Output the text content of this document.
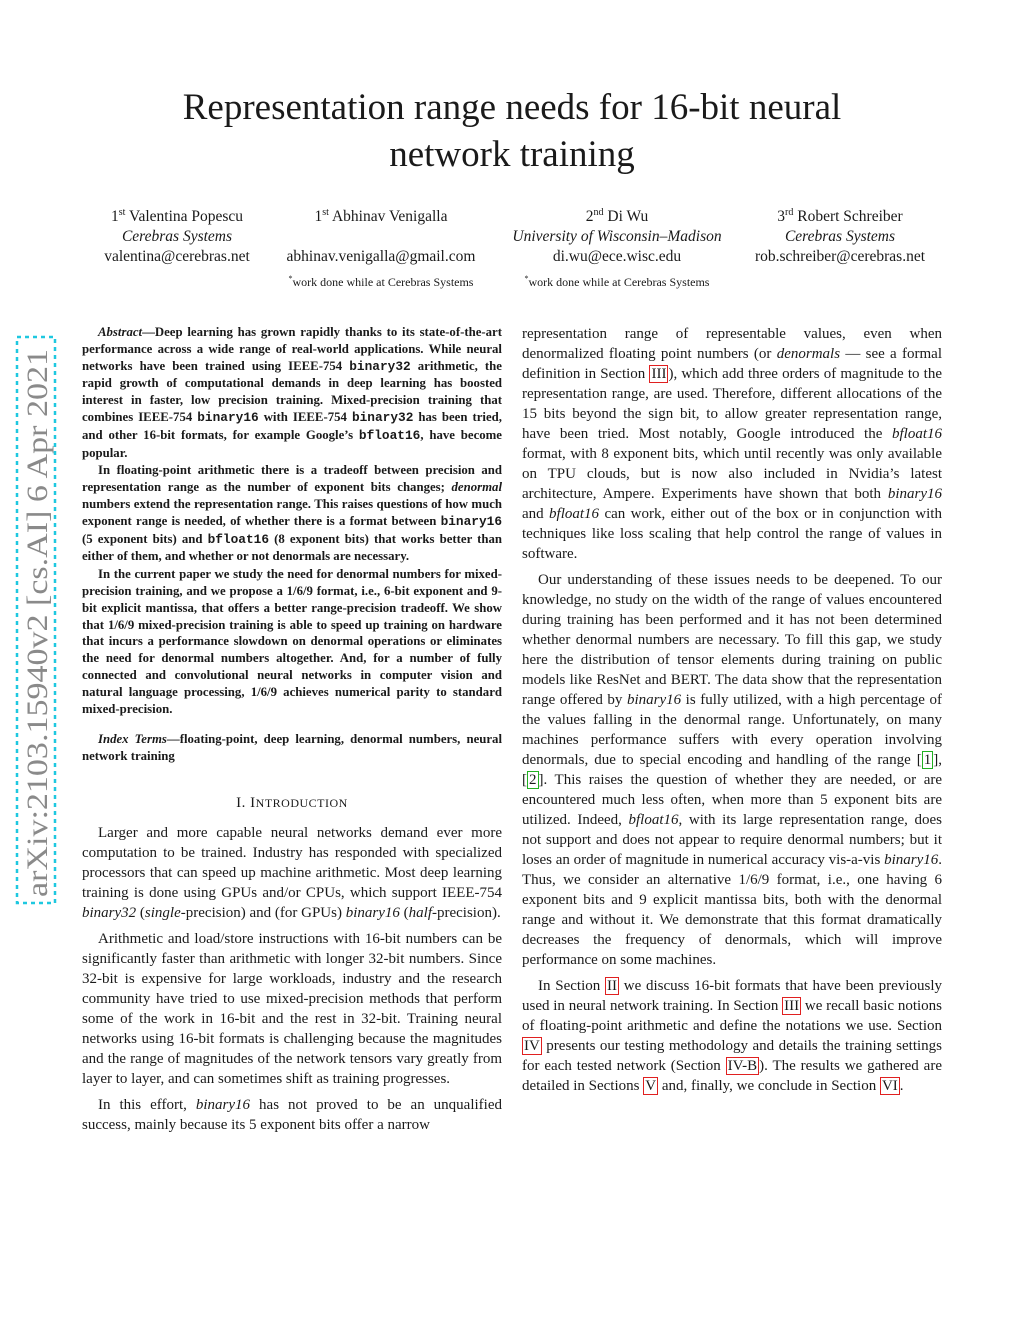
arXiv:2103.15940v2 [cs.AI] 6 Apr 2021
Representation range needs for 16-bit neural
network training
1st Valentina Popescu
Cerebras Systems
valentina@cerebras.net
1st Abhinav Venigalla

abhinav.venigalla@gmail.com
*work done while at Cerebras Systems
2nd Di Wu
University of Wisconsin–Madison
di.wu@ece.wisc.edu
*work done while at Cerebras Systems
3rd Robert Schreiber
Cerebras Systems
rob.schreiber@cerebras.net

Abstract—Deep learning has grown rapidly thanks to its state-of-the-art performance across a wide range of real-world applications. While neural networks have been trained using IEEE-754 binary32 arithmetic, the rapid growth of computational demands in deep learning has boosted interest in faster, low precision training. Mixed-precision training that combines IEEE-754 binary16 with IEEE-754 binary32 has been tried, and other 16-bit formats, for example Google’s bfloat16, have become popular.

In floating-point arithmetic there is a tradeoff between precision and representation range as the number of exponent bits changes; denormal numbers extend the representation range. This raises questions of how much exponent range is needed, of whether there is a format between binary16 (5 exponent bits) and bfloat16 (8 exponent bits) that works better than either of them, and whether or not denormals are necessary.

In the current paper we study the need for denormal numbers for mixed-precision training, and we propose a 1/6/9 format, i.e., 6-bit exponent and 9-bit explicit mantissa, that offers a better range-precision tradeoff. We show that 1/6/9 mixed-precision training is able to speed up training on hardware that incurs a performance slowdown on denormal operations or eliminates the need for denormal numbers altogether. And, for a number of fully connected and convolutional neural networks in computer vision and natural language processing, 1/6/9 achieves numerical parity to standard mixed-precision.

Index Terms—floating-point, deep learning, denormal numbers, neural network training

I. INTRODUCTION

Larger and more capable neural networks demand ever more computation to be trained. Industry has responded with specialized processors that can speed up machine arithmetic. Most deep learning training is done using GPUs and/or CPUs, which support IEEE-754 binary32 (single-precision) and (for GPUs) binary16 (half-precision).

Arithmetic and load/store instructions with 16-bit numbers can be significantly faster than arithmetic with longer 32-bit numbers. Since 32-bit is expensive for large workloads, industry and the research community have tried to use mixed-precision methods that perform some of the work in 16-bit and the rest in 32-bit. Training neural networks using 16-bit formats is challenging because the magnitudes and the range of magnitudes of the network tensors vary greatly from layer to layer, and can sometimes shift as training progresses.

In this effort, binary16 has not proved to be an unqualified success, mainly because its 5 exponent bits offer a narrow

representation range of representable values, even when denormalized floating point numbers (or denormals — see a formal definition in Section III ), which add three orders of magnitude to the representation range, are used. Therefore, different allocations of the 15 bits beyond the sign bit, to allow greater representation range, have been tried. Most notably, Google introduced the bfloat16 format, with 8 exponent bits, which until recently was only available on TPU clouds, but is now also included in Nvidia’s latest architecture, Ampere. Experiments have shown that both binary16 and bfloat16 can work, either out of the box or in conjunction with techniques like loss scaling that help control the range of values in software.

Our understanding of these issues needs to be deepened. To our knowledge, no study on the width of the range of values encountered during training has been performed and it has not been determined whether denormal numbers are necessary. To fill this gap, we study here the distribution of tensor elements during training on public models like ResNet and BERT. The data show that the representation range offered by binary16 is fully utilized, with a high percentage of the values falling in the denormal range. Unfortunately, on many machines performance suffers with every operation involving denormals, due to special encoding and handling of the range [ 1 ], [ 2 ]. This raises the question of whether they are needed, or are encountered much less often, when more than 5 exponent bits are utilized. Indeed, bfloat16, with its large representation range, does not support and does not appear to require denormal numbers; but it loses an order of magnitude in numerical accuracy vis-a-vis binary16. Thus, we consider an alternative 1/6/9 format, i.e., one having 6 exponent bits and 9 explicit mantissa bits, both with the denormal range and without it. We demonstrate that this format dramatically decreases the frequency of denormals, which will improve performance on some machines.

In Section II we discuss 16-bit formats that have been previously used in neural network training. In Section III we recall basic notions of floating-point arithmetic and define the notations we use. Section IV presents our testing methodology and details the training settings for each tested network (Section IV-B ). The results we gathered are detailed in Sections V and, finally, we conclude in Section VI .
